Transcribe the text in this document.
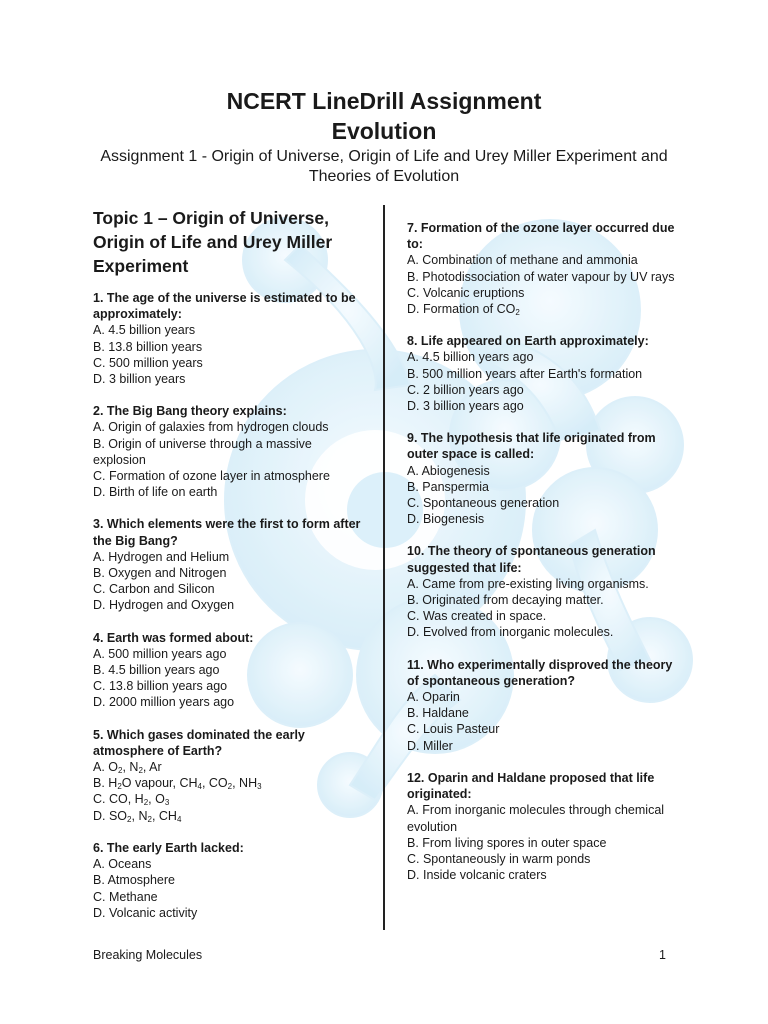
NCERT LineDrill Assignment
Evolution
Assignment 1 - Origin of Universe, Origin of Life and Urey Miller Experiment and Theories of Evolution
Topic 1 – Origin of Universe, Origin of Life and Urey Miller Experiment
1. The age of the universe is estimated to be approximately:
A. 4.5 billion years
B. 13.8 billion years
C. 500 million years
D. 3 billion years
2. The Big Bang theory explains:
A. Origin of galaxies from hydrogen clouds
B. Origin of universe through a massive explosion
C. Formation of ozone layer in atmosphere
D. Birth of life on earth
3. Which elements were the first to form after the Big Bang?
A. Hydrogen and Helium
B. Oxygen and Nitrogen
C. Carbon and Silicon
D. Hydrogen and Oxygen
4. Earth was formed about:
A. 500 million years ago
B. 4.5 billion years ago
C. 13.8 billion years ago
D. 2000 million years ago
5. Which gases dominated the early atmosphere of Earth?
A. $O_2$, $N_2$, Ar
B. $H_2O$ vapour, $CH_4$, $CO_2$, $NH_3$
C. CO, $H_2$, $O_3$
D. $SO_2$, $N_2$, $CH_4$
6. The early Earth lacked:
A. Oceans
B. Atmosphere
C. Methane
D. Volcanic activity
7. Formation of the ozone layer occurred due to:
A. Combination of methane and ammonia
B. Photodissociation of water vapour by UV rays
C. Volcanic eruptions
D. Formation of $CO_2$
8. Life appeared on Earth approximately:
A. 4.5 billion years ago
B. 500 million years after Earth's formation
C. 2 billion years ago
D. 3 billion years ago
9. The hypothesis that life originated from outer space is called:
A. Abiogenesis
B. Panspermia
C. Spontaneous generation
D. Biogenesis
10. The theory of spontaneous generation suggested that life:
A. Came from pre-existing living organisms.
B. Originated from decaying matter.
C. Was created in space.
D. Evolved from inorganic molecules.
11. Who experimentally disproved the theory of spontaneous generation?
A. Oparin
B. Haldane
C. Louis Pasteur
D. Miller
12. Oparin and Haldane proposed that life originated:
A. From inorganic molecules through chemical evolution
B. From living spores in outer space
C. Spontaneously in warm ponds
D. Inside volcanic craters
Breaking Molecules	1
